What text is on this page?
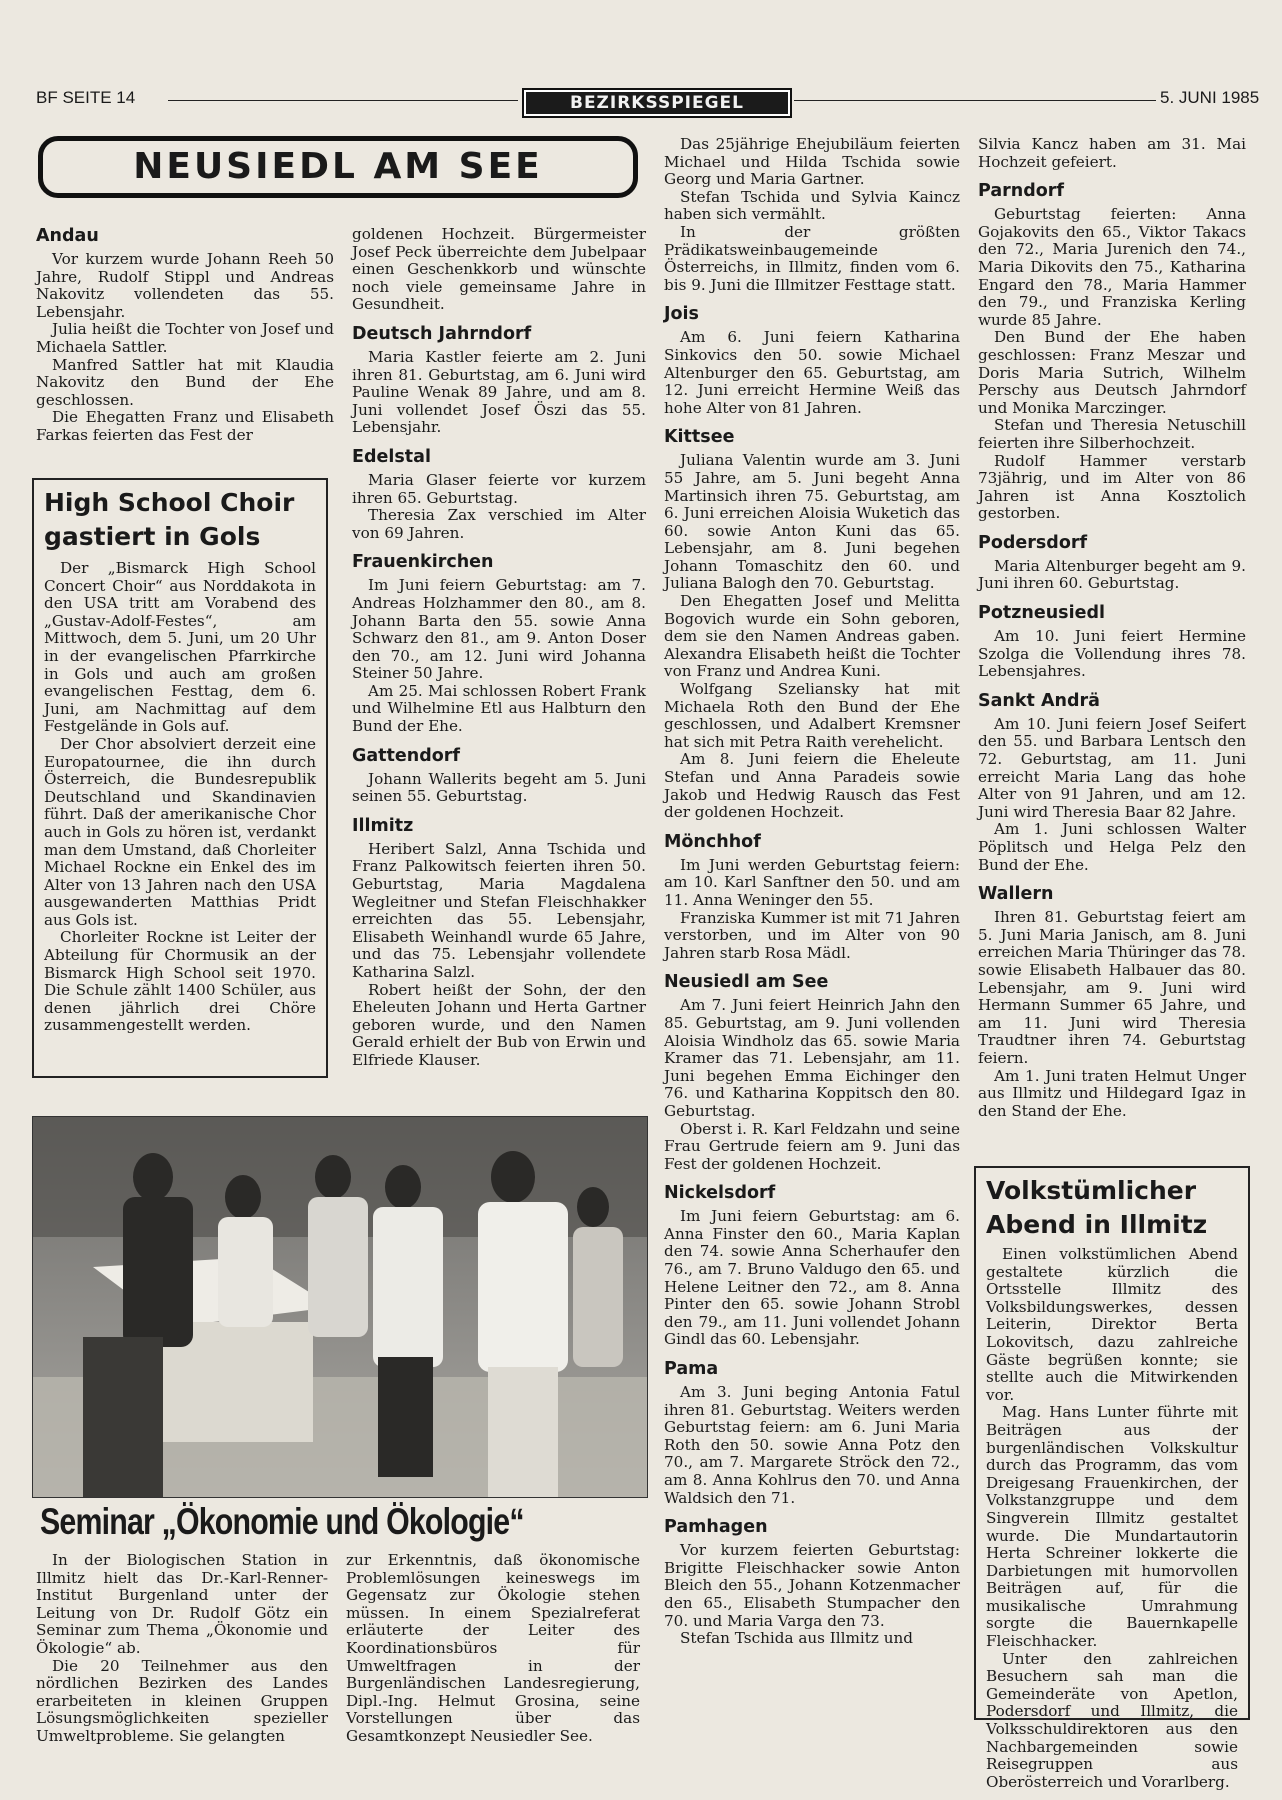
BF SEITE 14	BEZIRKSSPIEGEL	5. JUNI 1985
NEUSIEDL AM SEE
Andau

Vor kurzem wurde Johann Reeh 50 Jahre, Rudolf Stippl und Andreas Nakovitz vollendeten das 55. Lebensjahr.

Julia heißt die Tochter von Josef und Michaela Sattler.

Manfred Sattler hat mit Klaudia Nakovitz den Bund der Ehe geschlossen.

Die Ehegatten Franz und Elisabeth Farkas feierten das Fest der

High School Choir
gastiert in Gols

Der „Bismarck High School Concert Choir“ aus Norddakota in den USA tritt am Vorabend des „Gustav-Adolf-Festes“, am Mittwoch, dem 5. Juni, um 20 Uhr in der evangelischen Pfarrkirche in Gols und auch am großen evangelischen Festtag, dem 6. Juni, am Nachmittag auf dem Festgelände in Gols auf.

Der Chor absolviert derzeit eine Europatournee, die ihn durch Österreich, die Bundesrepublik Deutschland und Skandinavien führt. Daß der amerikanische Chor auch in Gols zu hören ist, verdankt man dem Umstand, daß Chorleiter Michael Rockne ein Enkel des im Alter von 13 Jahren nach den USA ausgewanderten Matthias Pridt aus Gols ist.

Chorleiter Rockne ist Leiter der Abteilung für Chormusik an der Bismarck High School seit 1970. Die Schule zählt 1400 Schüler, aus denen jährlich drei Chöre zusammengestellt werden.

goldenen Hochzeit. Bürgermeister Josef Peck überreichte dem Jubelpaar einen Geschenkkorb und wünschte noch viele gemeinsame Jahre in Gesundheit.

Deutsch Jahrndorf

Maria Kastler feierte am 2. Juni ihren 81. Geburtstag, am 6. Juni wird Pauline Wenak 89 Jahre, und am 8. Juni vollendet Josef Öszi das 55. Lebensjahr.

Edelstal

Maria Glaser feierte vor kurzem ihren 65. Geburtstag.

Theresia Zax verschied im Alter von 69 Jahren.

Frauenkirchen

Im Juni feiern Geburtstag: am 7. Andreas Holzhammer den 80., am 8. Johann Barta den 55. sowie Anna Schwarz den 81., am 9. Anton Doser den 70., am 12. Juni wird Johanna Steiner 50 Jahre.

Am 25. Mai schlossen Robert Frank und Wilhelmine Etl aus Halbturn den Bund der Ehe.

Gattendorf

Johann Wallerits begeht am 5. Juni seinen 55. Geburtstag.

Illmitz

Heribert Salzl, Anna Tschida und Franz Palkowitsch feierten ihren 50. Geburtstag, Maria Magdalena Wegleitner und Stefan Fleischhakker erreichten das 55. Lebensjahr, Elisabeth Weinhandl wurde 65 Jahre, und das 75. Lebensjahr vollendete Katharina Salzl.

Robert heißt der Sohn, der den Eheleuten Johann und Herta Gartner geboren wurde, und den Namen Gerald erhielt der Bub von Erwin und Elfriede Klauser.

Seminar „Ökonomie und Ökologie“

In der Biologischen Station in Illmitz hielt das Dr.-Karl-Renner-Institut Burgenland unter der Leitung von Dr. Rudolf Götz ein Seminar zum Thema „Ökonomie und Ökologie“ ab.

Die 20 Teilnehmer aus den nördlichen Bezirken des Landes erarbeiteten in kleinen Gruppen Lösungsmöglichkeiten spezieller Umweltprobleme. Sie gelangten

zur Erkenntnis, daß ökonomische Problemlösungen keineswegs im Gegensatz zur Ökologie stehen müssen. In einem Spezialreferat erläuterte der Leiter des Koordinationsbüros für Umweltfragen in der Burgenländischen Landesregierung, Dipl.-Ing. Helmut Grosina, seine Vorstellungen über das Gesamtkonzept Neusiedler See.

Das 25jährige Ehejubiläum feierten Michael und Hilda Tschida sowie Georg und Maria Gartner.

Stefan Tschida und Sylvia Kaincz haben sich vermählt.

In der größten Prädikatsweinbaugemeinde Österreichs, in Illmitz, finden vom 6. bis 9. Juni die Illmitzer Festtage statt.

Jois

Am 6. Juni feiern Katharina Sinkovics den 50. sowie Michael Altenburger den 65. Geburtstag, am 12. Juni erreicht Hermine Weiß das hohe Alter von 81 Jahren.

Kittsee

Juliana Valentin wurde am 3. Juni 55 Jahre, am 5. Juni begeht Anna Martinsich ihren 75. Geburtstag, am 6. Juni erreichen Aloisia Wuketich das 60. sowie Anton Kuni das 65. Lebensjahr, am 8. Juni begehen Johann Tomaschitz den 60. und Juliana Balogh den 70. Geburtstag.

Den Ehegatten Josef und Melitta Bogovich wurde ein Sohn geboren, dem sie den Namen Andreas gaben. Alexandra Elisabeth heißt die Tochter von Franz und Andrea Kuni.

Wolfgang Szeliansky hat mit Michaela Roth den Bund der Ehe geschlossen, und Adalbert Kremsner hat sich mit Petra Raith verehelicht.

Am 8. Juni feiern die Eheleute Stefan und Anna Paradeis sowie Jakob und Hedwig Rausch das Fest der goldenen Hochzeit.

Mönchhof

Im Juni werden Geburtstag feiern: am 10. Karl Sanftner den 50. und am 11. Anna Weninger den 55.

Franziska Kummer ist mit 71 Jahren verstorben, und im Alter von 90 Jahren starb Rosa Mädl.

Neusiedl am See

Am 7. Juni feiert Heinrich Jahn den 85. Geburtstag, am 9. Juni vollenden Aloisia Windholz das 65. sowie Maria Kramer das 71. Lebensjahr, am 11. Juni begehen Emma Eichinger den 76. und Katharina Koppitsch den 80. Geburtstag.

Oberst i. R. Karl Feldzahn und seine Frau Gertrude feiern am 9. Juni das Fest der goldenen Hochzeit.

Nickelsdorf

Im Juni feiern Geburtstag: am 6. Anna Finster den 60., Maria Kaplan den 74. sowie Anna Scherhaufer den 76., am 7. Bruno Valdugo den 65. und Helene Leitner den 72., am 8. Anna Pinter den 65. sowie Johann Strobl den 79., am 11. Juni vollendet Johann Gindl das 60. Lebensjahr.

Pama

Am 3. Juni beging Antonia Fatul ihren 81. Geburtstag. Weiters werden Geburtstag feiern: am 6. Juni Maria Roth den 50. sowie Anna Potz den 70., am 7. Margarete Ströck den 72., am 8. Anna Kohlrus den 70. und Anna Waldsich den 71.

Pamhagen

Vor kurzem feierten Geburtstag: Brigitte Fleischhacker sowie Anton Bleich den 55., Johann Kotzenmacher den 65., Elisabeth Stumpacher den 70. und Maria Varga den 73.

Stefan Tschida aus Illmitz und

Silvia Kancz haben am 31. Mai Hochzeit gefeiert.

Parndorf

Geburtstag feierten: Anna Gojakovits den 65., Viktor Takacs den 72., Maria Jurenich den 74., Maria Dikovits den 75., Katharina Engard den 78., Maria Hammer den 79., und Franziska Kerling wurde 85 Jahre.

Den Bund der Ehe haben geschlossen: Franz Meszar und Doris Maria Sutrich, Wilhelm Perschy aus Deutsch Jahrndorf und Monika Marczinger.

Stefan und Theresia Netuschill feierten ihre Silberhochzeit.

Rudolf Hammer verstarb 73jährig, und im Alter von 86 Jahren ist Anna Kosztolich gestorben.

Podersdorf

Maria Altenburger begeht am 9. Juni ihren 60. Geburtstag.

Potzneusiedl

Am 10. Juni feiert Hermine Szolga die Vollendung ihres 78. Lebensjahres.

Sankt Andrä

Am 10. Juni feiern Josef Seifert den 55. und Barbara Lentsch den 72. Geburtstag, am 11. Juni erreicht Maria Lang das hohe Alter von 91 Jahren, und am 12. Juni wird Theresia Baar 82 Jahre.

Am 1. Juni schlossen Walter Pöplitsch und Helga Pelz den Bund der Ehe.

Wallern

Ihren 81. Geburtstag feiert am 5. Juni Maria Janisch, am 8. Juni erreichen Maria Thüringer das 78. sowie Elisabeth Halbauer das 80. Lebensjahr, am 9. Juni wird Hermann Summer 65 Jahre, und am 11. Juni wird Theresia Traudtner ihren 74. Geburtstag feiern.

Am 1. Juni traten Helmut Unger aus Illmitz und Hildegard Igaz in den Stand der Ehe.

Volkstümlicher
Abend in Illmitz

Einen volkstümlichen Abend gestaltete kürzlich die Ortsstelle Illmitz des Volksbildungswerkes, dessen Leiterin, Direktor Berta Lokovitsch, dazu zahlreiche Gäste begrüßen konnte; sie stellte auch die Mitwirkenden vor.

Mag. Hans Lunter führte mit Beiträgen aus der burgenländischen Volkskultur durch das Programm, das vom Dreigesang Frauenkirchen, der Volkstanzgruppe und dem Singverein Illmitz gestaltet wurde. Die Mundartautorin Herta Schreiner lokkerte die Darbietungen mit humorvollen Beiträgen auf, für die musikalische Umrahmung sorgte die Bauernkapelle Fleischhacker.

Unter den zahlreichen Besuchern sah man die Gemeinderäte von Apetlon, Podersdorf und Illmitz, die Volksschuldirektoren aus den Nachbargemeinden sowie Reisegruppen aus Oberösterreich und Vorarlberg.
